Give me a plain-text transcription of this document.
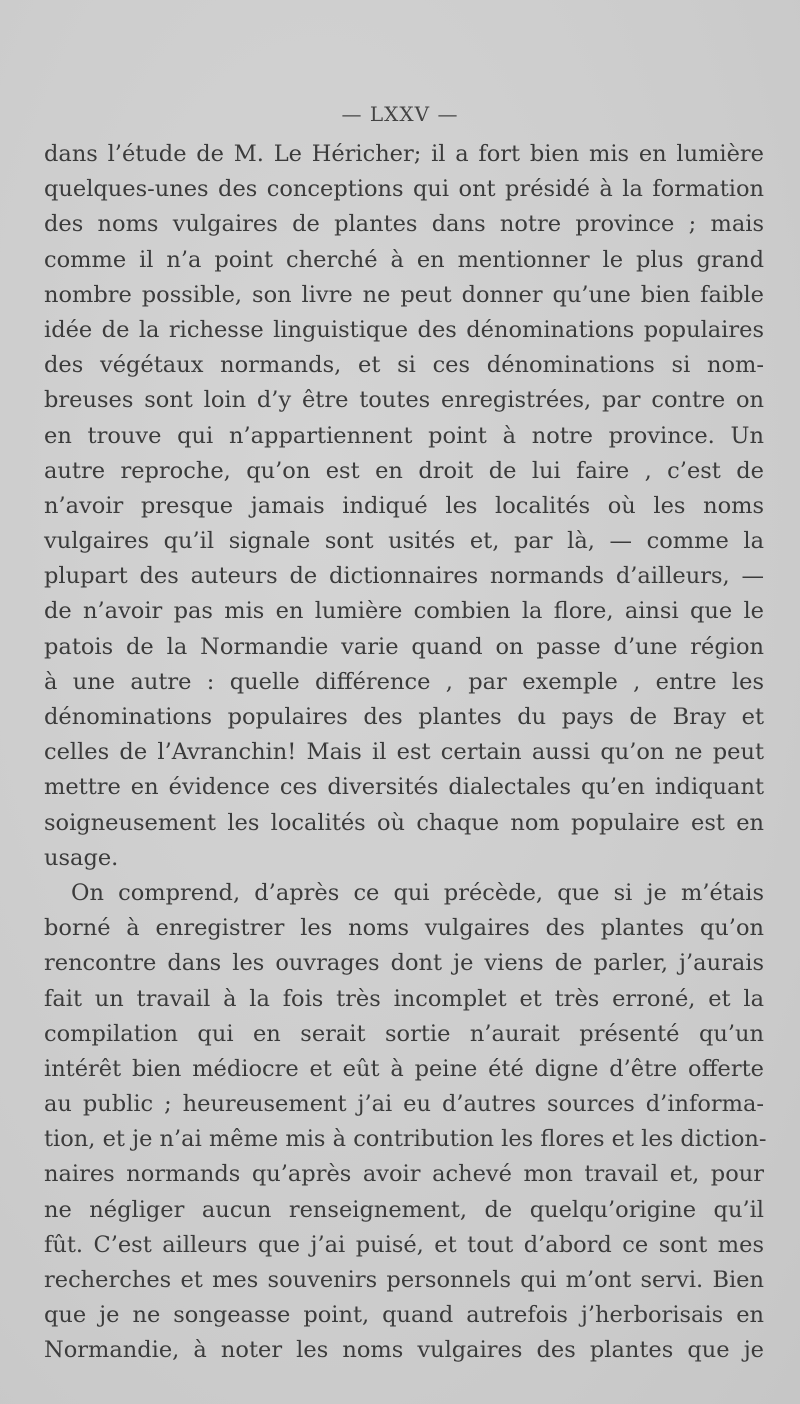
— LXXV —
dans l’étude de M. Le Héricher; il a fort bien mis en lumière
quelques-unes des conceptions qui ont présidé à la formation
des noms vulgaires de plantes dans notre province ; mais
comme il n’a point cherché à en mentionner le plus grand
nombre possible, son livre ne peut donner qu’une bien faible
idée de la richesse linguistique des dénominations populaires
des végétaux normands, et si ces dénominations si nom-
breuses sont loin d’y être toutes enregistrées, par contre on
en trouve qui n’appartiennent point à notre province. Un
autre reproche, qu’on est en droit de lui faire , c’est de
n’avoir presque jamais indiqué les localités où les noms
vulgaires qu’il signale sont usités et, par là, — comme la
plupart des auteurs de dictionnaires normands d’ailleurs, —
de n’avoir pas mis en lumière combien la flore, ainsi que le
patois de la Normandie varie quand on passe d’une région
à une autre : quelle différence , par exemple , entre les
dénominations populaires des plantes du pays de Bray et
celles de l’Avranchin! Mais il est certain aussi qu’on ne peut
mettre en évidence ces diversités dialectales qu’en indiquant
soigneusement les localités où chaque nom populaire est en
usage.
On comprend, d’après ce qui précède, que si je m’étais
borné à enregistrer les noms vulgaires des plantes qu’on
rencontre dans les ouvrages dont je viens de parler, j’aurais
fait un travail à la fois très incomplet et très erroné, et la
compilation qui en serait sortie n’aurait présenté qu’un
intérêt bien médiocre et eût à peine été digne d’être offerte
au public ; heureusement j’ai eu d’autres sources d’informa-
tion, et je n’ai même mis à contribution les flores et les diction-
naires normands qu’après avoir achevé mon travail et, pour
ne négliger aucun renseignement, de quelqu’origine qu’il
fût. C’est ailleurs que j’ai puisé, et tout d’abord ce sont mes
recherches et mes souvenirs personnels qui m’ont servi. Bien
que je ne songeasse point, quand autrefois j’herborisais en
Normandie, à noter les noms vulgaires des plantes que je
